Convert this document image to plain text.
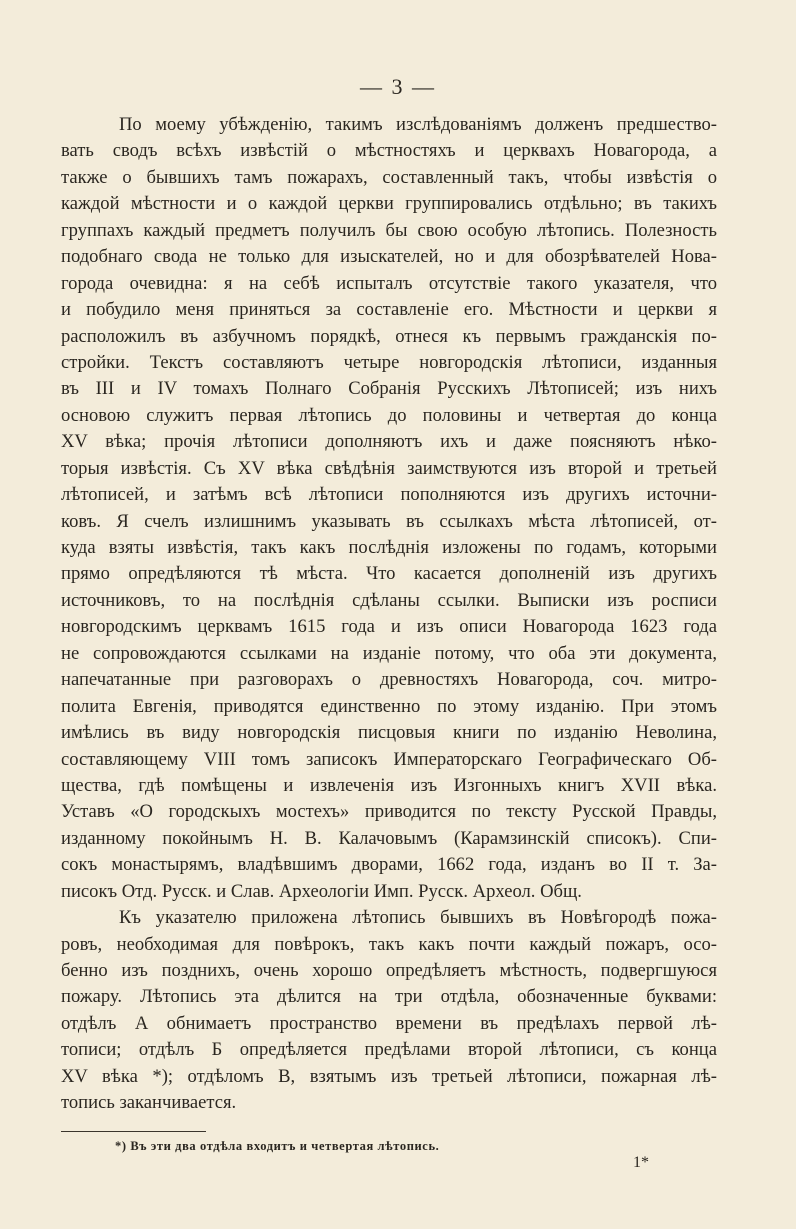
— 3 —
По моему убѣжденію, такимъ изслѣдованіямъ долженъ предшество-
вать сводъ всѣхъ извѣстій о мѣстностяхъ и церквахъ Новагорода, а
также о бывшихъ тамъ пожарахъ, составленный такъ, чтобы извѣстія о
каждой мѣстности и о каждой церкви группировались отдѣльно; въ такихъ
группахъ каждый предметъ получилъ бы свою особую лѣтопись. Полезность
подобнаго свода не только для изыскателей, но и для обозрѣвателей Нова-
города очевидна: я на себѣ испыталъ отсутствіе такого указателя, что
и побудило меня приняться за составленіе его. Мѣстности и церкви я
расположилъ въ азбучномъ порядкѣ, отнеся къ первымъ гражданскія по-
стройки. Текстъ составляютъ четыре новгородскія лѣтописи, изданныя
въ III и IV томахъ Полнаго Собранія Русскихъ Лѣтописей; изъ нихъ
основою служитъ первая лѣтопись до половины и четвертая до конца
XV вѣка; прочія лѣтописи дополняютъ ихъ и даже поясняютъ нѣко-
торыя извѣстія. Съ XV вѣка свѣдѣнія заимствуются изъ второй и третьей
лѣтописей, и затѣмъ всѣ лѣтописи пополняются изъ другихъ источни-
ковъ. Я счелъ излишнимъ указывать въ ссылкахъ мѣста лѣтописей, от-
куда взяты извѣстія, такъ какъ послѣднія изложены по годамъ, которыми
прямо опредѣляются тѣ мѣста. Что касается дополненій изъ другихъ
источниковъ, то на послѣднія сдѣланы ссылки. Выписки изъ росписи
новгородскимъ церквамъ 1615 года и изъ описи Новагорода 1623 года
не сопровождаются ссылками на изданіе потому, что оба эти документа,
напечатанные при разговорахъ о древностяхъ Новагорода, соч. митро-
полита Евгенія, приводятся единственно по этому изданію. При этомъ
имѣлись въ виду новгородскія писцовыя книги по изданію Неволина,
составляющему VIII томъ записокъ Императорскаго Географическаго Об-
щества, гдѣ помѣщены и извлеченія изъ Изгонныхъ книгъ XVII вѣка.
Уставъ «О городскыхъ мостехъ» приводится по тексту Русской Правды,
изданному покойнымъ Н. В. Калачовымъ (Карамзинскій списокъ). Спи-
сокъ монастырямъ, владѣвшимъ дворами, 1662 года, изданъ во II т. За-
писокъ Отд. Русск. и Слав. Археологіи Имп. Русск. Археол. Общ.
Къ указателю приложена лѣтопись бывшихъ въ Новѣгородѣ пожа-
ровъ, необходимая для повѣрокъ, такъ какъ почти каждый пожаръ, осо-
бенно изъ позднихъ, очень хорошо опредѣляетъ мѣстность, подвергшуюся
пожару. Лѣтопись эта дѣлится на три отдѣла, обозначенные буквами:
отдѣлъ А обнимаетъ пространство времени въ предѣлахъ первой лѣ-
тописи; отдѣлъ Б опредѣляется предѣлами второй лѣтописи, съ конца
XV вѣка *); отдѣломъ В, взятымъ изъ третьей лѣтописи, пожарная лѣ-
топись заканчивается.
*) Въ эти два отдѣла входитъ и четвертая лѣтопись.
1*
